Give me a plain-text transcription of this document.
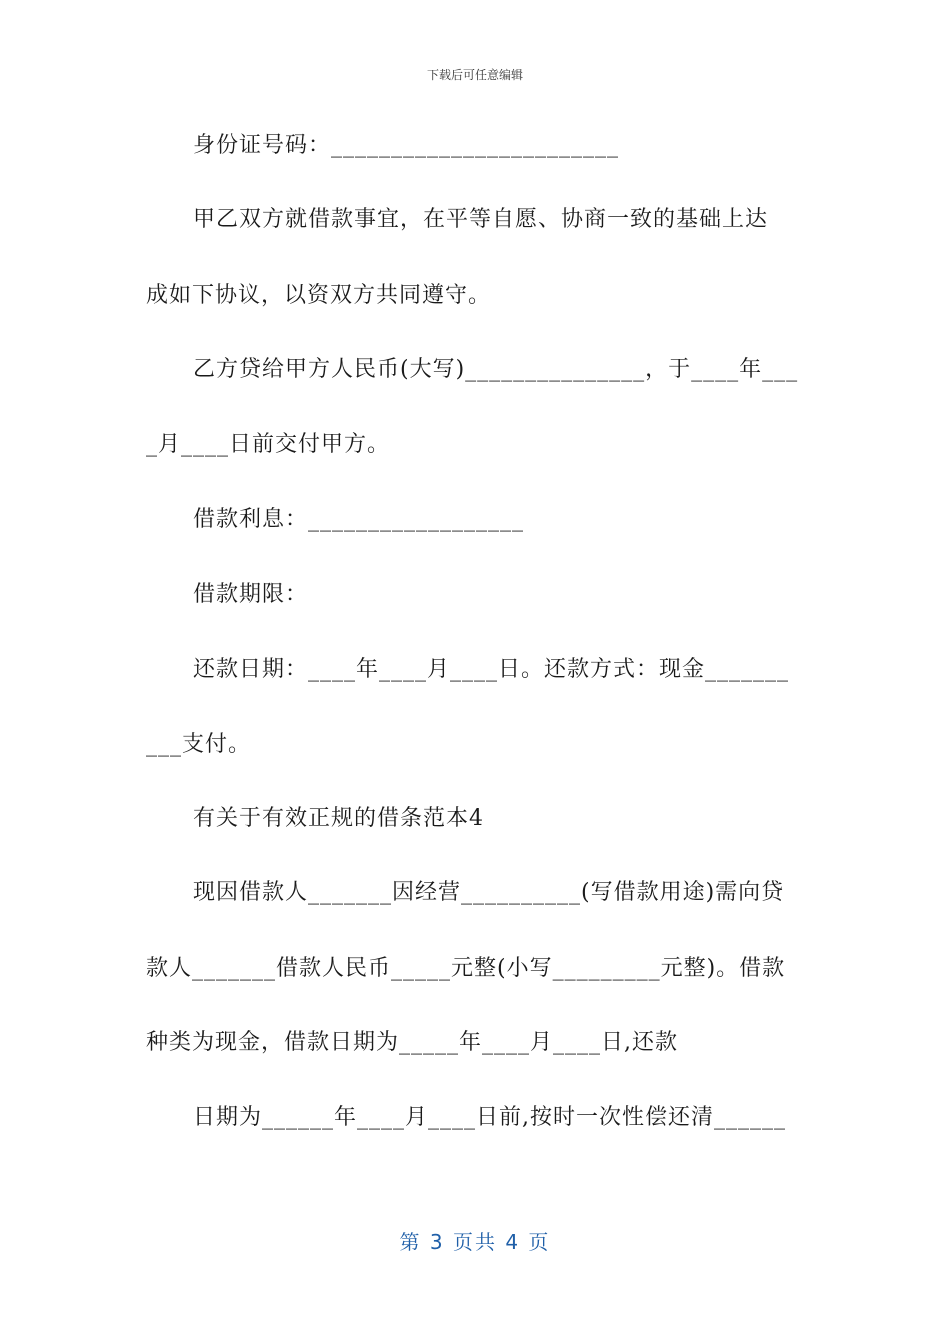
下载后可任意编辑
身份证号码：________________________
甲乙双方就借款事宜，在平等自愿、协商一致的基础上达
成如下协议，以资双方共同遵守。
乙方贷给甲方人民币(大写)_______________，于____年___
_月____日前交付甲方。
借款利息：__________________
借款期限：
还款日期：____年____月____日。还款方式：现金_______
___支付。
有关于有效正规的借条范本4
现因借款人_______因经营__________(写借款用途)需向贷
款人_______借款人民币_____元整(小写_________元整)。借款
种类为现金，借款日期为_____年____月____日,还款
日期为______年____月____日前,按时一次性偿还清______
第 3 页共 4 页
